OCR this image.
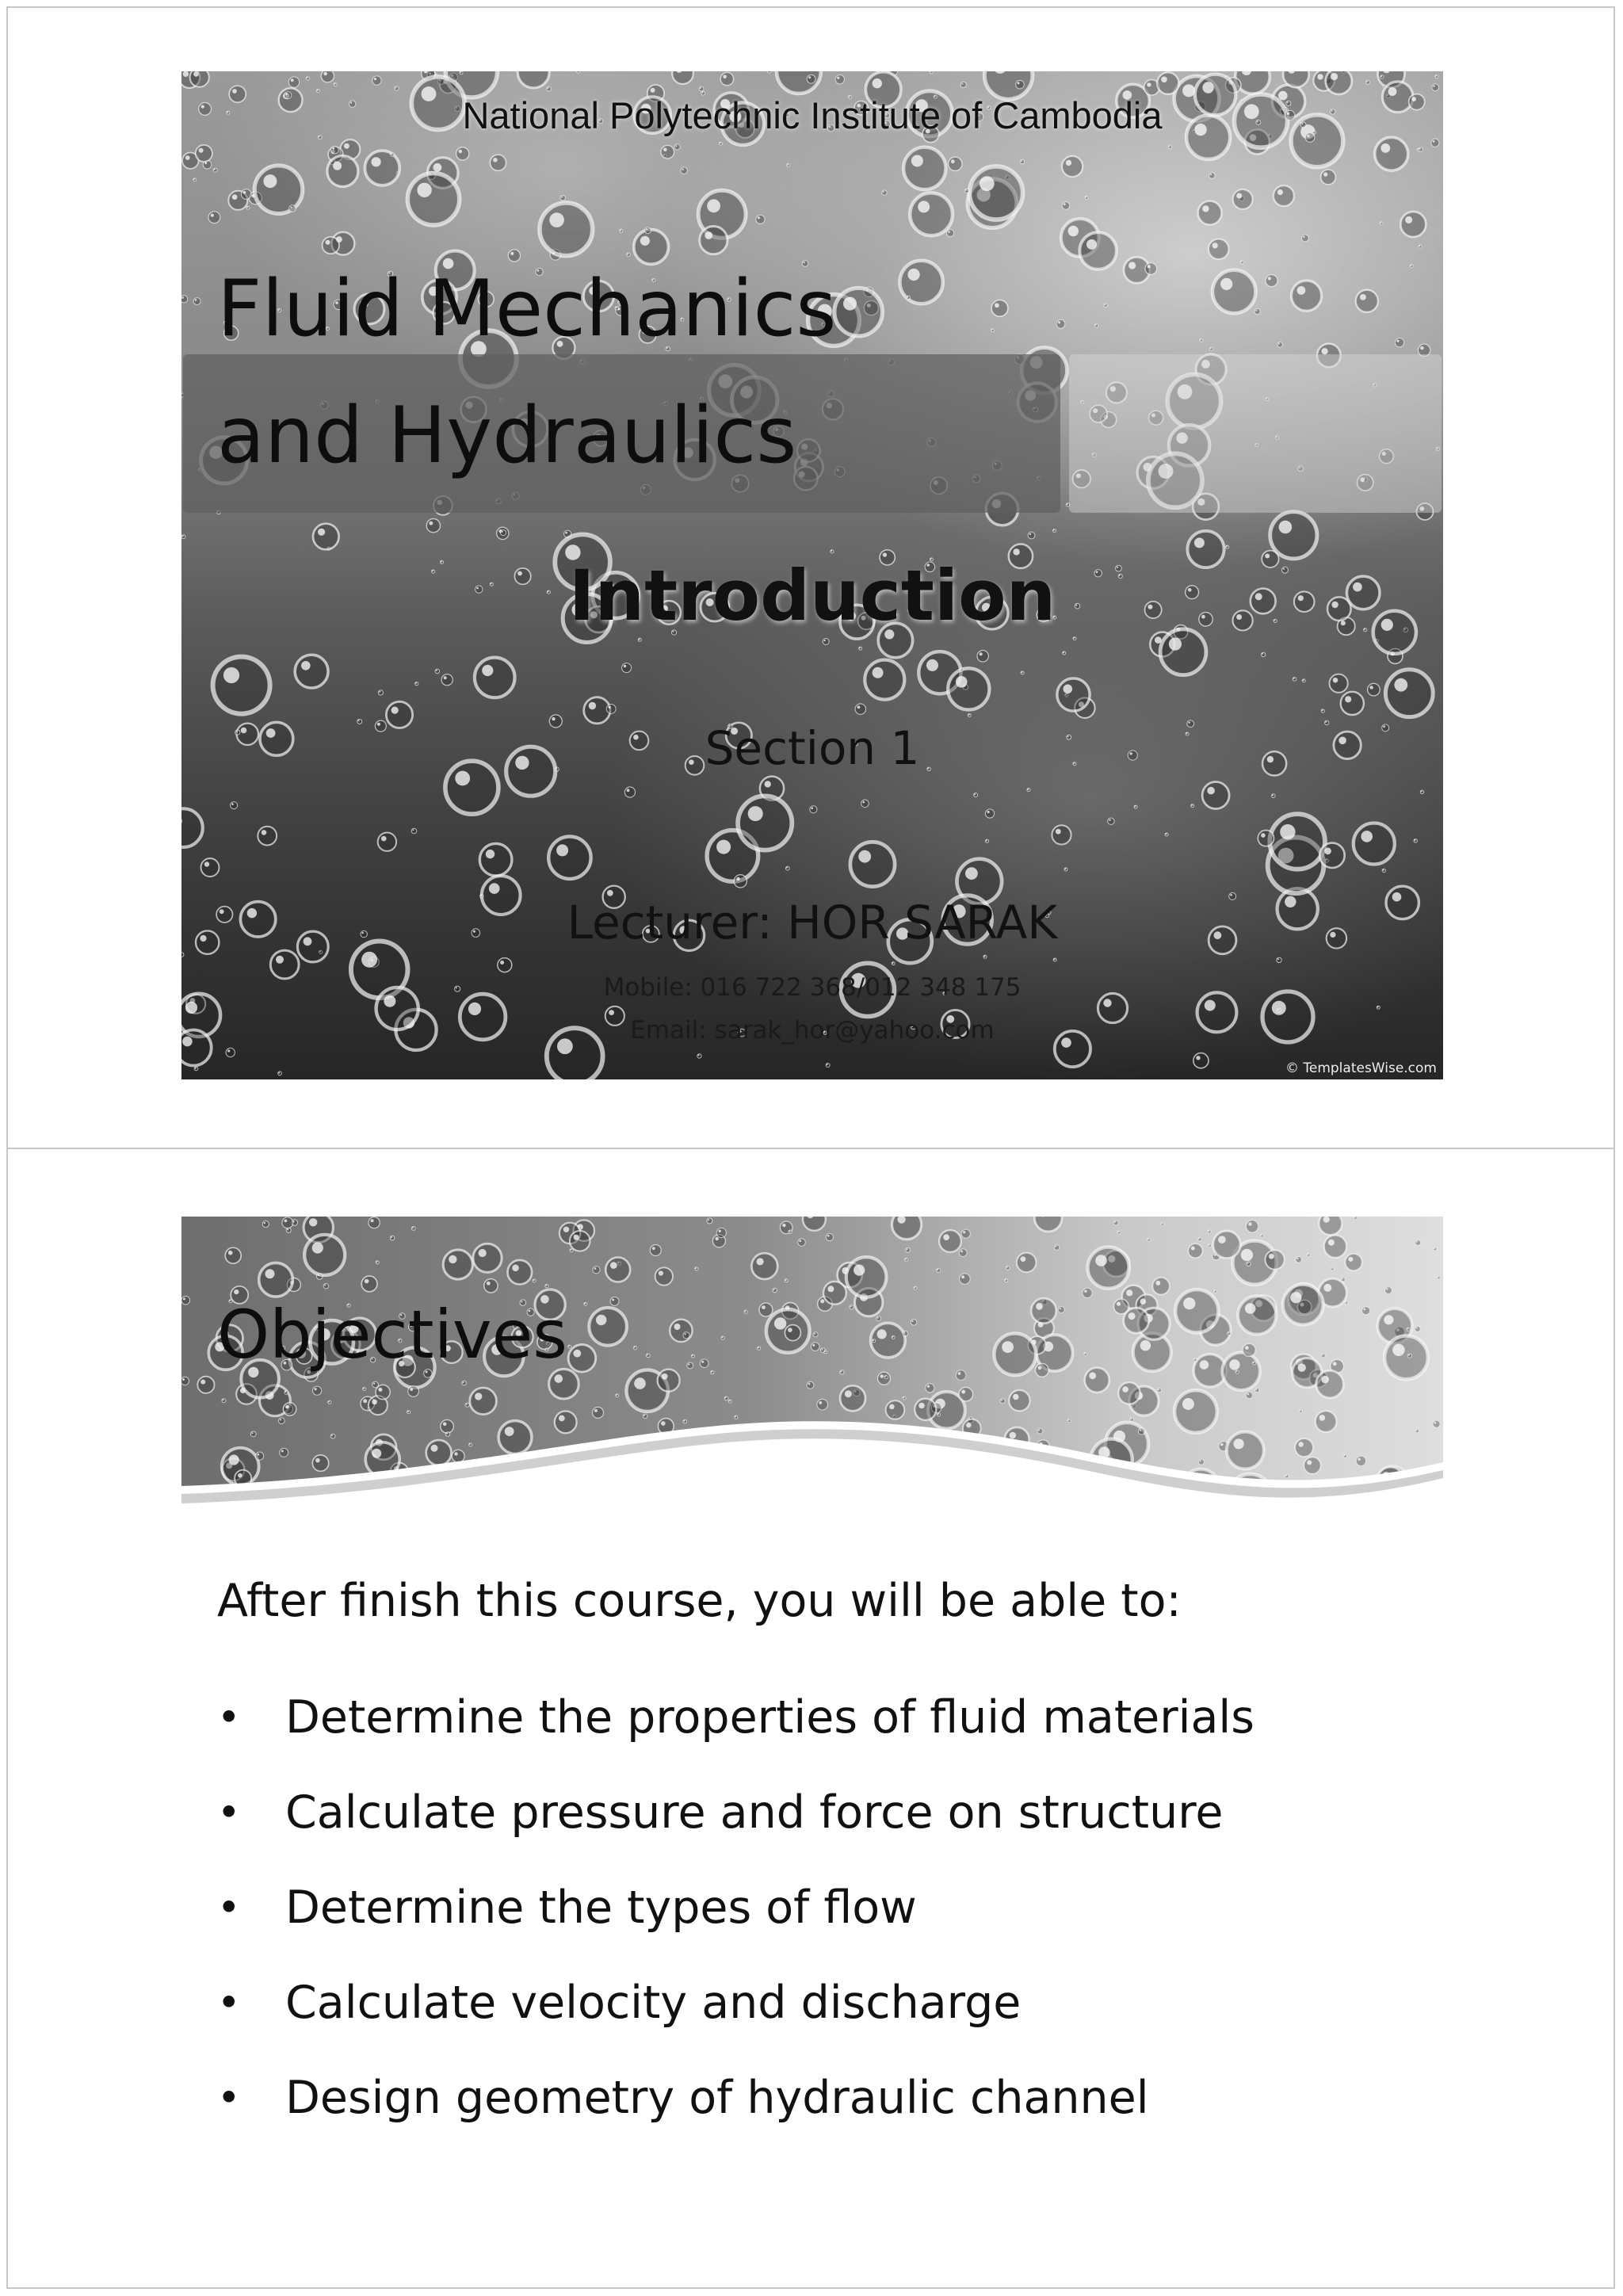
National Polytechnic Institute of Cambodia
Fluid Mechanics
and Hydraulics
Introduction
Section 1
Lecturer: HOR SARAK
Mobile: 016 722 368/012 348 175
Email: sarak_hor@yahoo.com
© TemplatesWise.com
Objectives
After finish this course, you will be able to:
• Determine the properties of fluid materials
• Calculate pressure and force on structure
• Determine the types of flow
• Calculate velocity and discharge
• Design geometry of hydraulic channel
